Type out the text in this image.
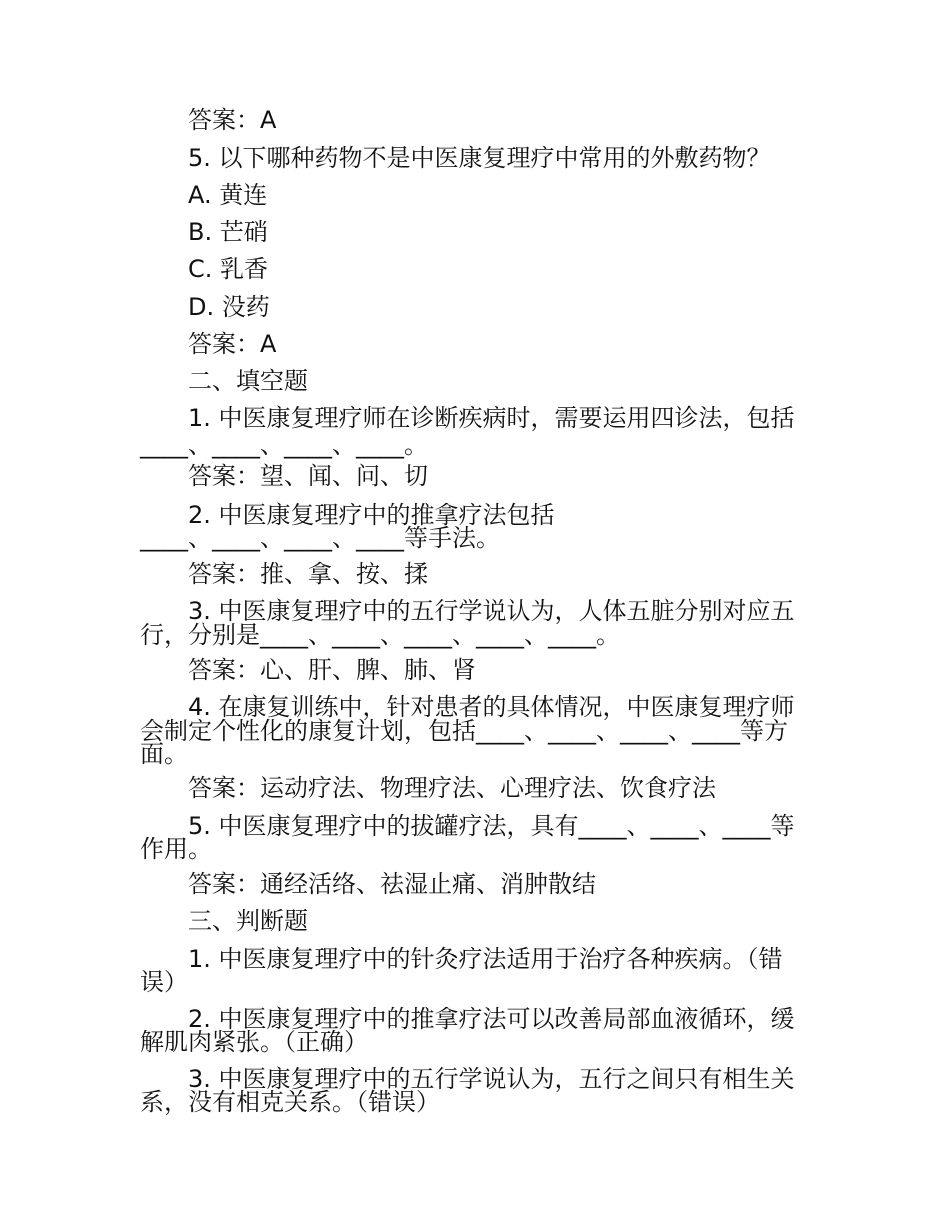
答案：A
5. 以下哪种药物不是中医康复理疗中常用的外敷药物？
A. 黄连
B. 芒硝
C. 乳香
D. 没药
答案：A
二、填空题
1. 中医康复理疗师在诊断疾病时，需要运用四诊法，包括
____、____、____、____。
答案：望、闻、问、切
2. 中医康复理疗中的推拿疗法包括
____、____、____、____等手法。
答案：推、拿、按、揉
3. 中医康复理疗中的五行学说认为，人体五脏分别对应五
行，分别是____、____、____、____、____。
答案：心、肝、脾、肺、肾
4. 在康复训练中，针对患者的具体情况，中医康复理疗师
会制定个性化的康复计划，包括____、____、____、____等方
面。
答案：运动疗法、物理疗法、心理疗法、饮食疗法
5. 中医康复理疗中的拔罐疗法，具有____、____、____等
作用。
答案：通经活络、祛湿止痛、消肿散结
三、判断题
1. 中医康复理疗中的针灸疗法适用于治疗各种疾病。（错
误）
2. 中医康复理疗中的推拿疗法可以改善局部血液循环，缓
解肌肉紧张。（正确）
3. 中医康复理疗中的五行学说认为，五行之间只有相生关
系，没有相克关系。（错误）
